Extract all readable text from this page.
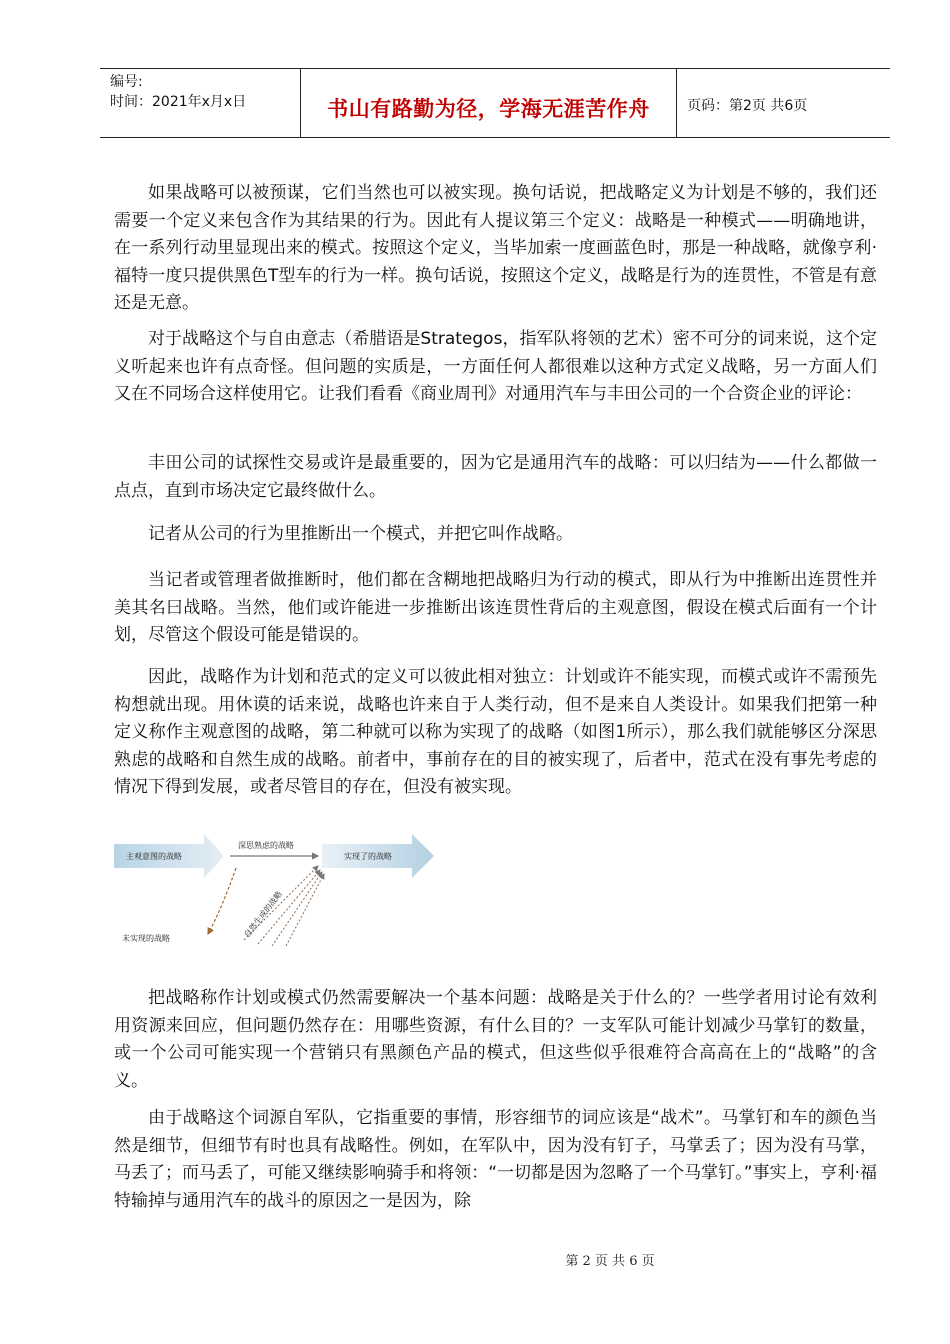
编号:
时间：2021年x月x日	书山有路勤为径，学海无涯苦作舟	页码：第2页 共6页

如果战略可以被预谋，它们当然也可以被实现。换句话说，把战略定义为计划是不够的，我们还需要一个定义来包含作为其结果的行为。因此有人提议第三个定义：战略是一种模式——明确地讲，在一系列行动里显现出来的模式。按照这个定义，当毕加索一度画蓝色时，那是一种战略，就像亨利·福特一度只提供黑色T型车的行为一样。换句话说，按照这个定义，战略是行为的连贯性，不管是有意还是无意。

对于战略这个与自由意志（希腊语是Strategos，指军队将领的艺术）密不可分的词来说，这个定义听起来也许有点奇怪。但问题的实质是，一方面任何人都很难以这种方式定义战略，另一方面人们又在不同场合这样使用它。让我们看看《商业周刊》对通用汽车与丰田公司的一个合资企业的评论：

丰田公司的试探性交易或许是最重要的，因为它是通用汽车的战略：可以归结为——什么都做一点点，直到市场决定它最终做什么。

记者从公司的行为里推断出一个模式，并把它叫作战略。

当记者或管理者做推断时，他们都在含糊地把战略归为行动的模式，即从行为中推断出连贯性并美其名曰战略。当然，他们或许能进一步推断出该连贯性背后的主观意图，假设在模式后面有一个计划，尽管这个假设可能是错误的。

因此，战略作为计划和范式的定义可以彼此相对独立：计划或许不能实现，而模式或许不需预先构想就出现。用休谟的话来说，战略也许来自于人类行动，但不是来自人类设计。如果我们把第一种定义称作主观意图的战略，第二种就可以称为实现了的战略（如图1所示），那么我们就能够区分深思熟虑的战略和自然生成的战略。前者中，事前存在的目的被实现了，后者中，范式在没有事先考虑的情况下得到发展，或者尽管目的存在，但没有被实现。

主观意图的战略	实现了的战略
深思熟虑的战略
未实现的战略	自然生成的战略

把战略称作计划或模式仍然需要解决一个基本问题：战略是关于什么的？一些学者用讨论有效利用资源来回应，但问题仍然存在：用哪些资源，有什么目的？一支军队可能计划减少马掌钉的数量，或一个公司可能实现一个营销只有黑颜色产品的模式，但这些似乎很难符合高高在上的“战略”的含义。

由于战略这个词源自军队，它指重要的事情，形容细节的词应该是“战术”。马掌钉和车的颜色当然是细节，但细节有时也具有战略性。例如，在军队中，因为没有钉子，马掌丢了；因为没有马掌，马丢了；而马丢了，可能又继续影响骑手和将领：“一切都是因为忽略了一个马掌钉。”事实上，亨利·福特输掉与通用汽车的战斗的原因之一是因为，除

第 2 页 共 6 页
